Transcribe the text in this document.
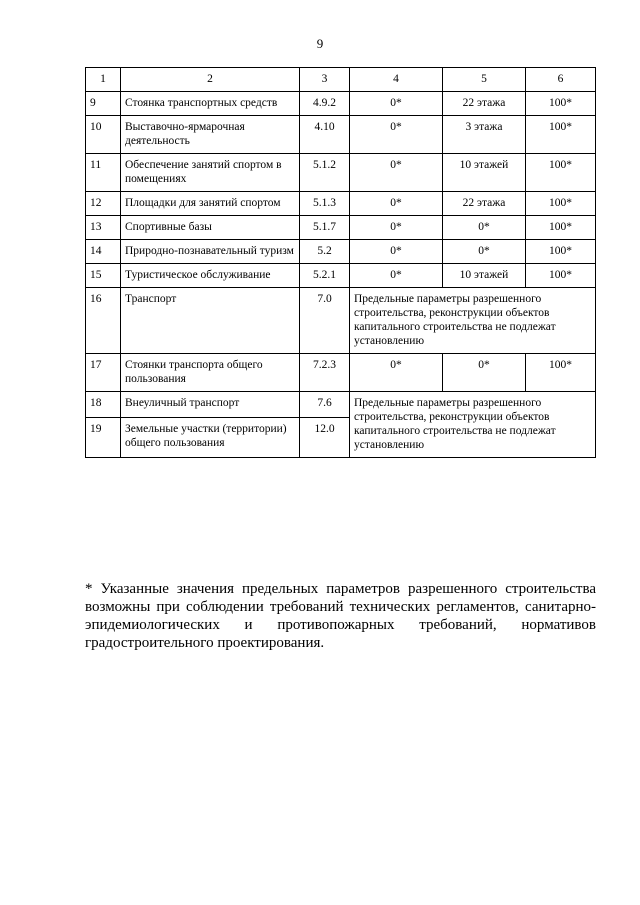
9
1	2	3	4	5	6
9	Стоянка транспортных средств	4.9.2	0*	22 этажа	100*
10	Выставочно-ярмарочная деятельность	4.10	0*	3 этажа	100*
11	Обеспечение занятий спортом в помещениях	5.1.2	0*	10 этажей	100*
12	Площадки для занятий спортом	5.1.3	0*	22 этажа	100*
13	Спортивные базы	5.1.7	0*	0*	100*
14	Природно-познавательный туризм	5.2	0*	0*	100*
15	Туристическое обслуживание	5.2.1	0*	10 этажей	100*
16	Транспорт	7.0	Предельные параметры разрешенного строительства, реконструкции объектов капитального строительства не подлежат установлению		
17	Стоянки транспорта общего пользования	7.2.3	0*	0*	100*
18	Внеуличный транспорт	7.6	Предельные параметры разрешенного строительства, реконструкции объектов капитального строительства не подлежат установлению		
19	Земельные участки (территории) общего пользования	12.0			
* Указанные значения предельных параметров разрешенного строительства возможны при соблюдении требований технических регламентов, санитарно-эпидемиологических и противопожарных требований, нормативов градостроительного проектирования.
